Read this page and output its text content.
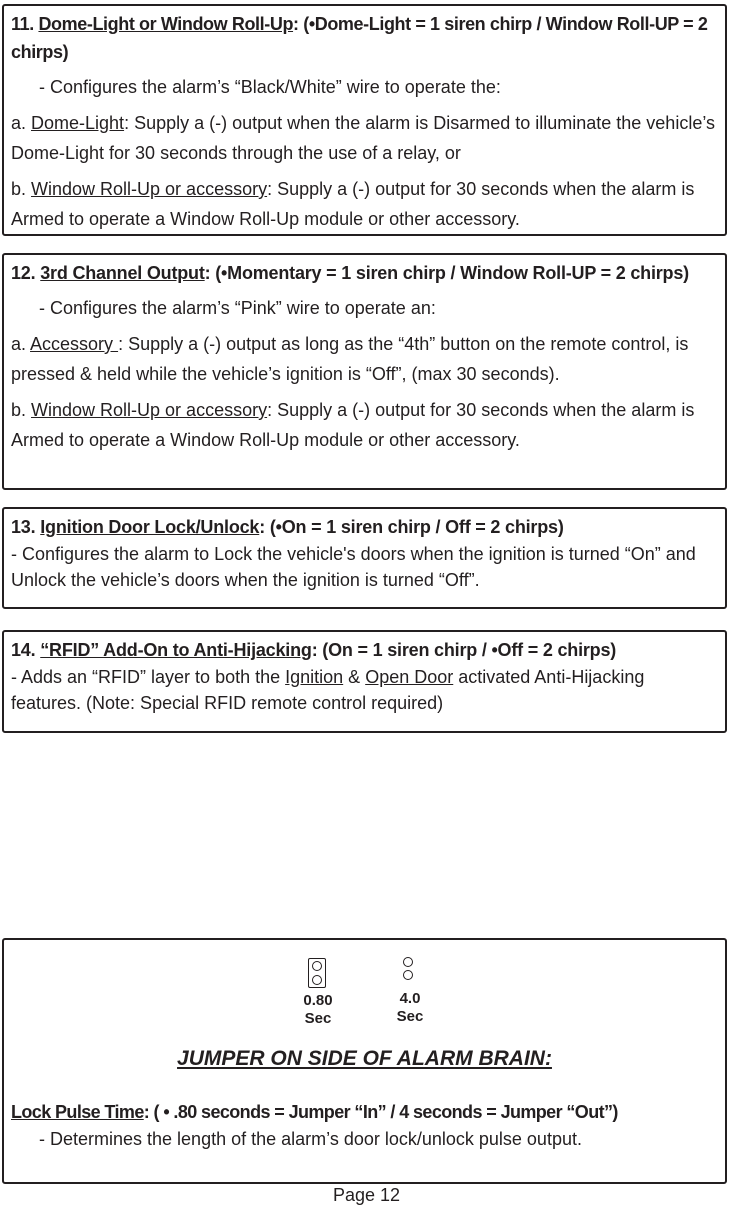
11. Dome-Light or Window Roll-Up: (•Dome-Light = 1 siren chirp / Window Roll-UP = 2 chirps)

- Configures the alarm’s “Black/White” wire to operate the:

a. Dome-Light: Supply a (-) output when the alarm is Disarmed to illuminate the vehicle’s Dome-Light for 30 seconds through the use of a relay, or

b. Window Roll-Up or accessory: Supply a (-) output for 30 seconds when the alarm is Armed to operate a Window Roll-Up module or other accessory.

12. 3rd Channel Output: (•Momentary = 1 siren chirp / Window Roll-UP = 2 chirps)

- Configures the alarm’s “Pink” wire to operate an:

a. Accessory : Supply a (-) output as long as the “4th” button on the remote control, is pressed & held while the vehicle’s ignition is “Off”, (max 30 seconds).

b. Window Roll-Up or accessory: Supply a (-) output for 30 seconds when the alarm is Armed to operate a Window Roll-Up module or other accessory.

13. Ignition Door Lock/Unlock: (•On = 1 siren chirp / Off = 2 chirps)

- Configures the alarm to Lock the vehicle's doors when the ignition is turned “On” and Unlock the vehicle’s doors when the ignition is turned “Off”.

14. “RFID” Add-On to Anti-Hijacking: (On = 1 siren chirp / •Off = 2 chirps)

- Adds an “RFID” layer to both the Ignition & Open Door activated Anti-Hijacking features. (Note: Special RFID remote control required)

0.80
Sec
4.0
Sec
JUMPER ON SIDE OF ALARM BRAIN:

Lock Pulse Time: ( • .80 seconds = Jumper “In” / 4 seconds = Jumper “Out”)

- Determines the length of the alarm’s door lock/unlock pulse output.

Page 12
